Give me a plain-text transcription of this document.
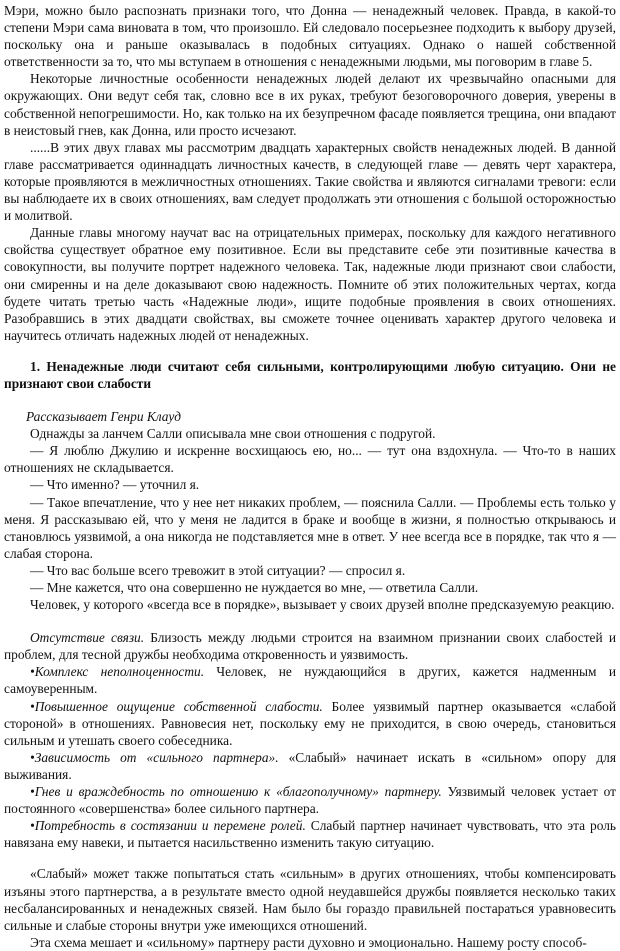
Мэри, можно было распознать признаки того, что Донна — ненадежный человек. Правда, в какой-то степени Мэри сама виновата в том, что произошло. Ей следовало посерьезнее подходить к выбору друзей, поскольку она и раньше оказывалась в подобных ситуациях. Однако о нашей собственной ответственности за то, что мы вступаем в отношения с ненадежными людьми, мы поговорим в главе 5.

Некоторые личностные особенности ненадежных людей делают их чрезвычайно опасными для окружающих. Они ведут себя так, словно все в их руках, требуют безоговорочного доверия, уверены в собственной непогрешимости. Но, как только на их безупречном фасаде появляется трещина, они впадают в неистовый гнев, как Донна, или просто исчезают.

......В этих двух главах мы рассмотрим двадцать характерных свойств ненадежных людей. В данной главе рассматривается одиннадцать личностных качеств, в следующей главе — девять черт характера, которые проявляются в межличностных отношениях. Такие свойства и являются сигналами тревоги: если вы наблюдаете их в своих отношениях, вам следует продолжать эти отношения с большой осторожностью и молитвой.

Данные главы многому научат вас на отрицательных примерах, поскольку для каждого негативного свойства существует обратное ему позитивное. Если вы представите себе эти позитивные качества в совокупности, вы получите портрет надежного человека. Так, надежные люди признают свои слабости, они смиренны и на деле доказывают свою надежность. Помните об этих положительных чертах, когда будете читать третью часть «Надежные люди», ищите подобные проявления в своих отношениях. Разобравшись в этих двадцати свойствах, вы сможете точнее оценивать характер другого человека и научитесь отличать надежных людей от ненадежных.

1. Ненадежные люди считают себя сильными, контролирующими любую ситуацию. Они не признают свои слабости

Рассказывает Генри Клауд

Однажды за ланчем Салли описывала мне свои отношения с подругой.

— Я люблю Джулию и искренне восхищаюсь ею, но... — тут она вздохнула. — Что-то в наших отношениях не складывается.

— Что именно? — уточнил я.

— Такое впечатление, что у нее нет никаких проблем, — пояснила Салли. — Проблемы есть только у меня. Я рассказываю ей, что у меня не ладится в браке и вообще в жизни, я полностью открываюсь и становлюсь уязвимой, а она никогда не подставляется мне в ответ. У нее всегда все в порядке, так что я — слабая сторона.

— Что вас больше всего тревожит в этой ситуации? — спросил я.

— Мне кажется, что она совершенно не нуждается во мне, — ответила Салли.

Человек, у которого «всегда все в порядке», вызывает у своих друзей вполне предсказуемую реакцию.

Отсутствие связи. Близость между людьми строится на взаимном признании своих слабостей и проблем, для тесной дружбы необходима откровенность и уязвимость.

•Комплекс неполноценности. Человек, не нуждающийся в других, кажется надменным и самоуверенным.

•Повышенное ощущение собственной слабости. Более уязвимый партнер оказывается «слабой стороной» в отношениях. Равновесия нет, поскольку ему не приходится, в свою очередь, становиться сильным и утешать своего собеседника.

•Зависимость от «сильного партнера». «Слабый» начинает искать в «сильном» опору для выживания.

•Гнев и враждебность по отношению к «благополучному» партнеру. Уязвимый человек устает от постоянного «совершенства» более сильного партнера.

•Потребность в состязании и перемене ролей. Слабый партнер начинает чувствовать, что эта роль навязана ему навеки, и пытается насильственно изменить такую ситуацию.

«Слабый» может также попытаться стать «сильным» в других отношениях, чтобы компенсировать изъяны этого партнерства, а в результате вместо одной неудавшейся дружбы появляется несколько таких несбалансированных и ненадежных связей. Нам было бы гораздо правильней постараться уравновесить сильные и слабые стороны внутри уже имеющихся отношений.

Эта схема мешает и «сильному» партнеру расти духовно и эмоционально. Нашему росту способ-
